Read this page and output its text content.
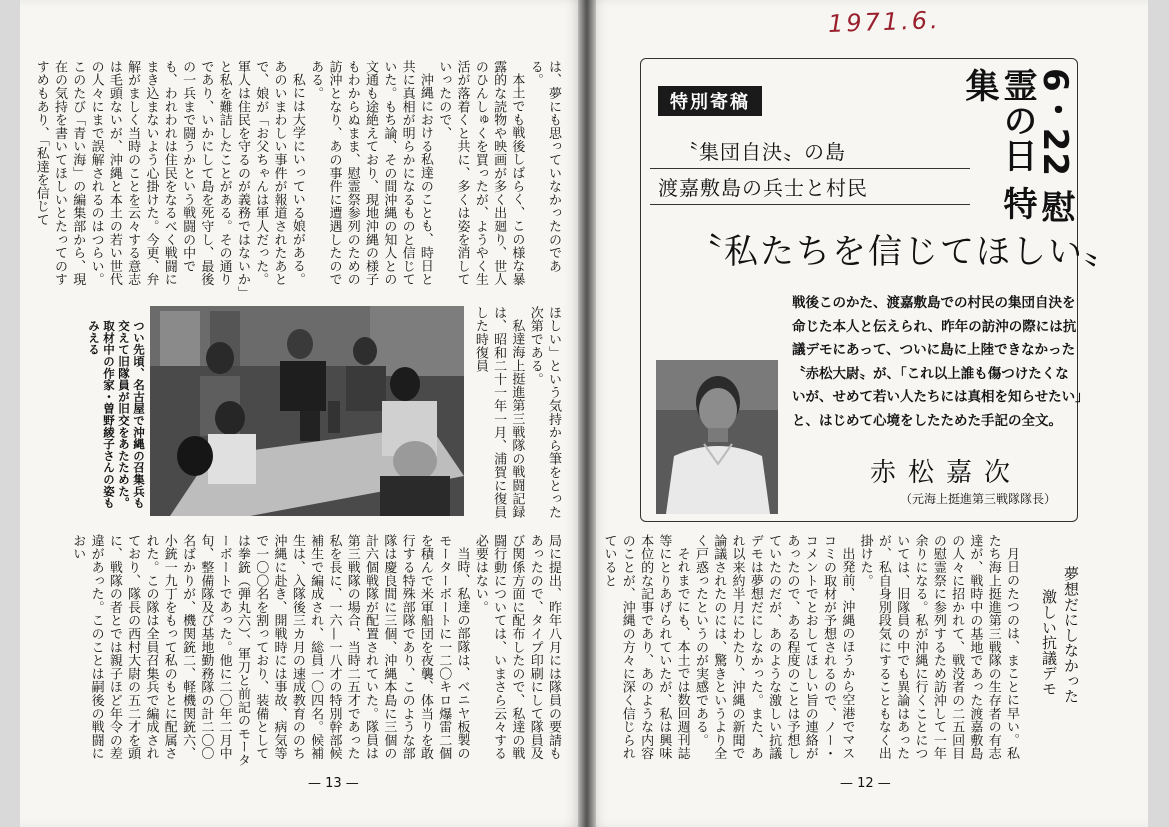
1971.6.

は、夢にも思っていなかったのである。

本土でも戦後しばらく、この様な暴露的な読物や映画が多く出廻り、世人のひんしゅくを買ったが、ようやく生活が落着くと共に、多くは姿を消していったので、

沖縄における私達のことも、時日と共に真相が明らかになるものと信じていた。もち論、その間沖縄の知人との文通も途絶えており、現地沖縄の様子もわからぬまま、慰霊祭参列のための訪沖となり、あの事件に遭遇したのである。

私には大学にいっている娘がある。あのいまわしい事件が報道されたあとで、娘が「お父ちゃんは軍人だった。軍人は住民を守るのが義務ではないか」と私を難詰したことがある。その通りであり、いかにして島を死守し、最後の一兵まで闘うかという戦闘の中でも、われわれは住民をなるべく戦闘にまき込まないよう心掛けた。今更、弁解がましく当時のことを云々する意志は毛頭ないが、沖縄と本土の若い世代の人々にまで誤解されるのはつらい。このたび「青い海」の編集部から、現在の気持を書いてほしいとたってのすすめもあり、「私達を信じて

ほしい」という気持から筆をとった次第である。

私達海上挺進第三戦隊の戦闘記録は、昭和二十一年一月、浦賀に復員した時復員

つい先頃、名古屋で沖縄の召集兵も交えて旧隊員が旧交をあたためた。取材中の作家・曽野綾子さんの姿もみえる

局に提出、昨年八月には隊員の要請もあったので、タイプ印刷にして隊員及び関係方面に配布したので、私達の戦闘行動については、いまさら云々する必要はない。

当時、私達の部隊は、ベニヤ板製のモーターボートに一二〇キロ爆雷二個を積んで米軍船団を夜襲、体当りを敢行する特殊部隊であり、このような部隊は慶良間に三個、沖縄本島に三個の計六個戦隊が配置されていた。隊員は第三戦隊の場合、当時二五才であった私を長に、一六—一八才の特別幹部候補生で編成され、総員一〇四名。候補生は、入隊後三カ月の速成教育ののち沖縄に赴き、開戦時には事故、病気等で一〇〇名を割っており、装備としては拳銃（弾丸六）、軍刀と前記のモーターボートであった。他に二〇年二月中旬、整備隊及び基地勤務隊の計二〇〇名ばかりが、機関銃二、軽機関銃六、小銃一九丁をもって私のもとに配属された。この隊は全員召集兵で編成されており、隊長の西村大尉の五二才を頭に、戦隊の者とでは親子ほど年令の差違があった。このことは嗣後の戦闘におい

— 13 —
6・22 慰霊の日 特集
特別寄稿
〝集団自決〟の島
渡嘉敷島の兵士と村民
〝私たちを信じてほしい〟
戦後このかた、渡嘉敷島での村民の集団自決を命じた本人と伝えられ、昨年の訪沖の際には抗議デモにあって、ついに島に上陸できなかった〝赤松大尉〟が、「これ以上誰も傷つけたくないが、せめて若い人たちには真相を知らせたい」と、はじめて心境をしたためた手記の全文。
赤松嘉次
（元海上挺進第三戦隊隊長）
夢想だにしなかった
激しい抗議デモ

月日のたつのは、まことに早い。私たち海上挺進第三戦隊の生存者の有志達が、戦時中の基地であった渡嘉敷島の人々に招かれて、戦没者の二五回目の慰霊祭に参列するため訪沖して一年余りになる。私が沖縄に行くことについては、旧隊員の中でも異論はあったが、私自身別段気にすることもなく出掛けた。

出発前、沖縄のほうから空港でマスコミの取材が予想されるので、ノー・コメントでとおしてほしい旨の連絡があったので、ある程度のことは予想していたのだが、あのような激しい抗議デモは夢想だにしなかった。また、あれ以来約半月にわたり、沖縄の新聞で論議されたのには、驚きというより全く戸惑ったというのが実感である。

それまでにも、本土では数回週刊誌等にとりあげられていたが、私は興味本位的な記事であり、あのような内容のことが、沖縄の方々に深く信じられていると

— 12 —
